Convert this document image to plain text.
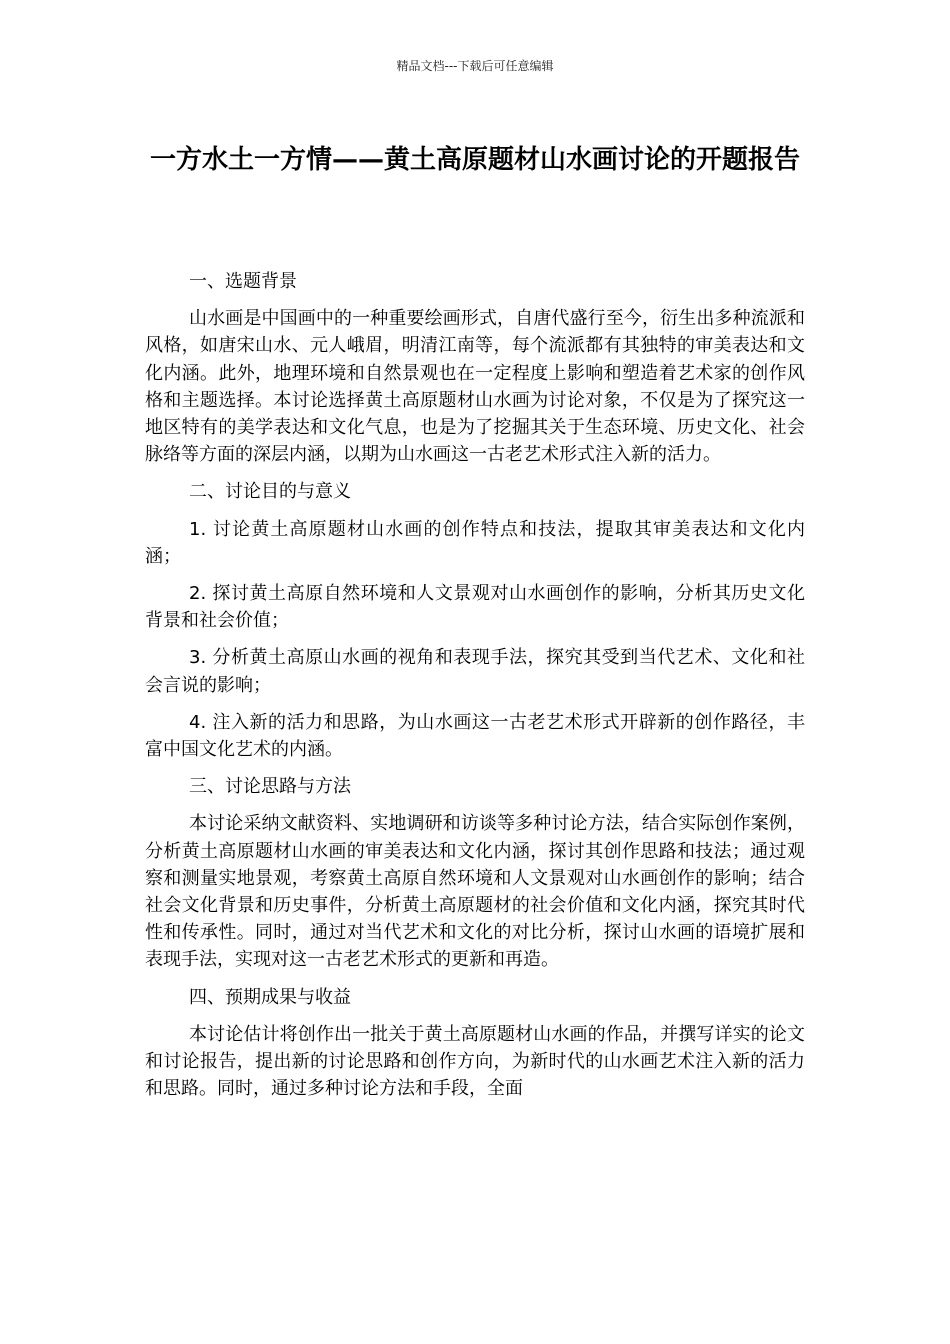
精品文档---下载后可任意编辑
一方水土一方情——黄土高原题材山水画讨论的开题报告
一、选题背景

山水画是中国画中的一种重要绘画形式，自唐代盛行至今，衍生出多种流派和风格，如唐宋山水、元人峨眉，明清江南等，每个流派都有其独特的审美表达和文化内涵。此外，地理环境和自然景观也在一定程度上影响和塑造着艺术家的创作风格和主题选择。本讨论选择黄土高原题材山水画为讨论对象，不仅是为了探究这一地区特有的美学表达和文化气息，也是为了挖掘其关于生态环境、历史文化、社会脉络等方面的深层内涵，以期为山水画这一古老艺术形式注入新的活力。

二、讨论目的与意义

1. 讨论黄土高原题材山水画的创作特点和技法，提取其审美表达和文化内涵；

2. 探讨黄土高原自然环境和人文景观对山水画创作的影响，分析其历史文化背景和社会价值；

3. 分析黄土高原山水画的视角和表现手法，探究其受到当代艺术、文化和社会言说的影响；

4. 注入新的活力和思路，为山水画这一古老艺术形式开辟新的创作路径，丰富中国文化艺术的内涵。

三、讨论思路与方法

本讨论采纳文献资料、实地调研和访谈等多种讨论方法，结合实际创作案例，分析黄土高原题材山水画的审美表达和文化内涵，探讨其创作思路和技法；通过观察和测量实地景观，考察黄土高原自然环境和人文景观对山水画创作的影响；结合社会文化背景和历史事件，分析黄土高原题材的社会价值和文化内涵，探究其时代性和传承性。同时，通过对当代艺术和文化的对比分析，探讨山水画的语境扩展和表现手法，实现对这一古老艺术形式的更新和再造。

四、预期成果与收益

本讨论估计将创作出一批关于黄土高原题材山水画的作品，并撰写详实的论文和讨论报告，提出新的讨论思路和创作方向，为新时代的山水画艺术注入新的活力和思路。同时，通过多种讨论方法和手段，全面
